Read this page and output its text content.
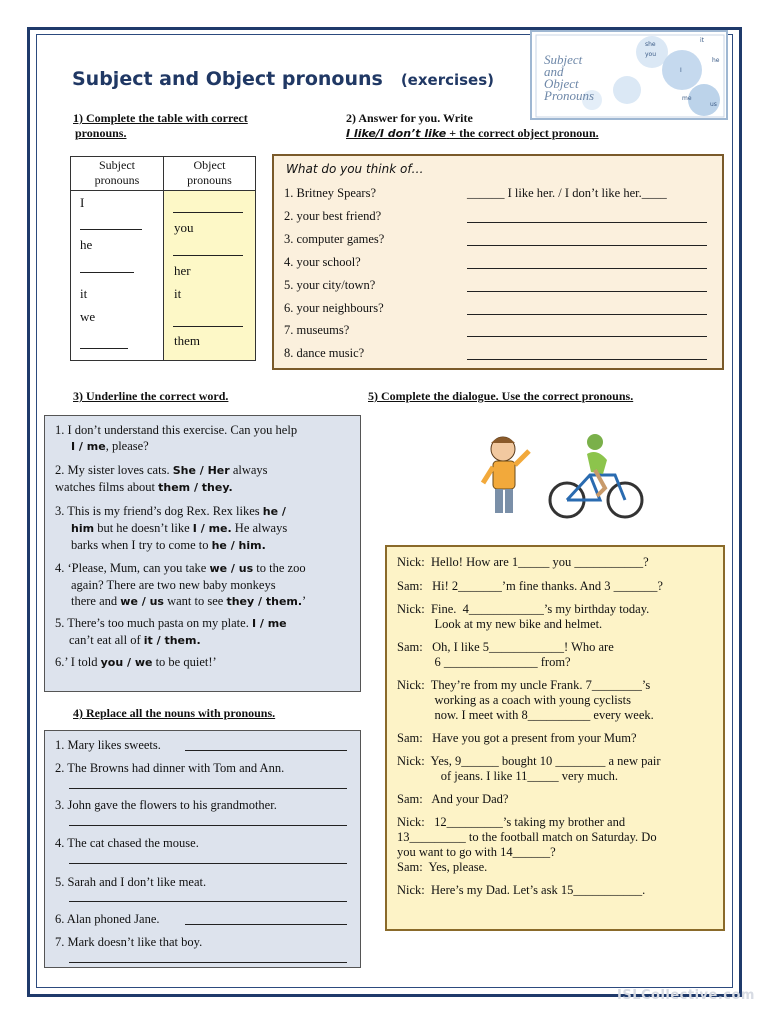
Subject and Object pronouns (exercises)
Subject
and
Object
Pronouns
she
you
I
me
us
it
he
1) Complete the table with correct
pronouns.
Subject
pronouns
Object
pronouns
I
he
it
we
you
her
it
them
2) Answer for you. Write
I like/I don’t like + the correct object pronoun.
What do you think of…
1. Britney Spears?	______ I like her. / I don’t like her.____
2. your best friend?
3. computer games?
4. your school?
5. your city/town?
6. your neighbours?
7. museums?
8. dance music?
3) Underline the correct word.
1. I don’t understand this exercise. Can you help
I / me, please?
2. My sister loves cats. She / Her always
watches films about them / they.
3. This is my friend’s dog Rex. Rex likes he /
him but he doesn’t like I / me. He always
barks when I try to come to he / him.
4. ‘Please, Mum, can you take we / us to the zoo
again? There are two new baby monkeys
there and we / us want to see they / them.’
5. There’s too much pasta on my plate. I / me
can’t eat all of it / them.
6.’ I told you / we to be quiet!’
4) Replace all the nouns with pronouns.
1. Mary likes sweets.
2. The Browns had dinner with Tom and Ann.
3. John gave the flowers to his grandmother.
4. The cat chased the mouse.
5. Sarah and I don’t like meat.
6. Alan phoned Jane.
7. Mark doesn’t like that boy.
5) Complete the dialogue. Use the correct pronouns.
Nick:  Hello! How are 1_____ you ___________?
Sam:   Hi! 2_______’m fine thanks. And 3 _______?
Nick:  Fine.  4____________’s my birthday today.
Look at my new bike and helmet.
Sam:   Oh, I like 5____________! Who are
6 _______________ from?
Nick:  They’re from my uncle Frank. 7________’s
working as a coach with young cyclists
now. I meet with 8__________ every week.
Sam:   Have you got a present from your Mum?
Nick:  Yes, 9______ bought 10 ________ a new pair
of jeans. I like 11_____ very much.
Sam:   And your Dad?
Nick:   12_________’s taking my brother and
13_________ to the football match on Saturday. Do
you want to go with 14______?
Sam:  Yes, please.
Nick:  Here’s my Dad. Let’s ask 15___________.
ISLCollective.com
